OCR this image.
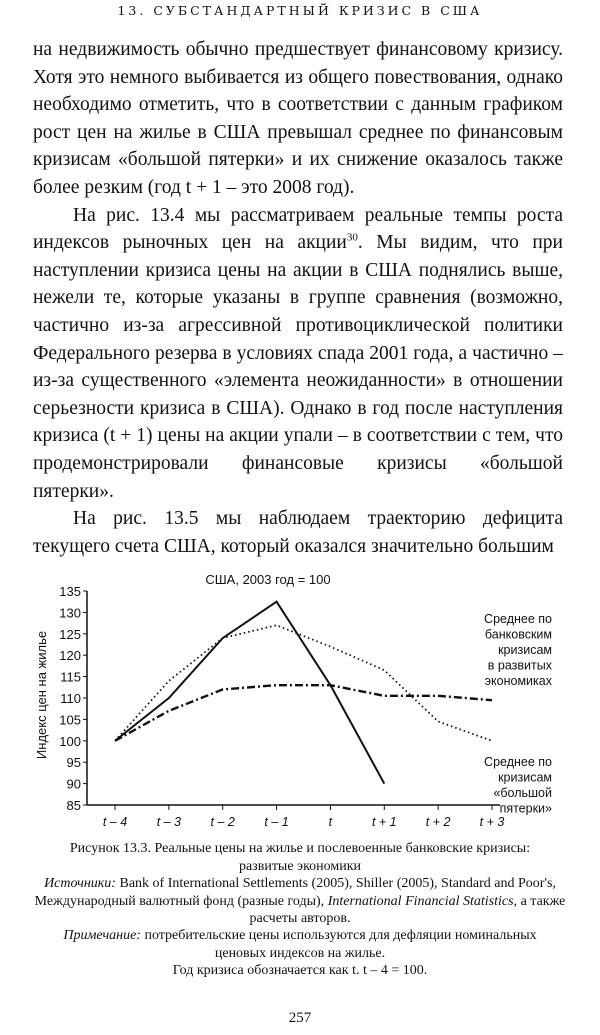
13. СУБСТАНДАРТНЫЙ КРИЗИС В США

на недвижимость обычно предшествует финансовому кризису. Хотя это немного выбивается из общего повествования, однако необходимо отметить, что в соответствии с данным графиком рост цен на жилье в США превышал среднее по финансовым кризисам «большой пятерки» и их снижение оказалось также более резким (год t + 1 – это 2008 год).

На рис. 13.4 мы рассматриваем реальные темпы роста индексов рыночных цен на акции$^{30}$. Мы видим, что при наступлении кризиса цены на акции в США поднялись выше, нежели те, которые указаны в группе сравнения (возможно, частично из-за агрессивной противоциклической политики Федерального резерва в условиях спада 2001 года, а частично – из-за существенного «элемента неожиданности» в отношении серьезности кризиса в США). Однако в год после наступления кризиса (t + 1) цены на акции упали – в соответствии с тем, что продемонстрировали финансовые кризисы «большой пятерки».

На рис. 13.5 мы наблюдаем траекторию дефицита текущего счета США, который оказался значительно большим

135
130
125
120
115
110
105
100
95
90
85
t – 4 t – 3 t – 2 t – 1	t	t + 1 t + 2 t + 3
США, 2003 год = 100
Индекс цен на жилье
Среднее по
банковским
кризисам
в развитых
экономиках
Среднее по
кризисам
«большой
пятерки»
Рисунок 13.3. Реальные цены на жилье и послевоенные банковские кризисы: развитые экономики
Источники: Bank of International Settlements (2005), Shiller (2005), Standard and Poor's, Международный валютный фонд (разные годы), International Financial Statistics, а также расчеты авторов.
Примечание: потребительские цены используются для дефляции номинальных ценовых индексов на жилье.
Год кризиса обозначается как t. t – 4 = 100.
257
